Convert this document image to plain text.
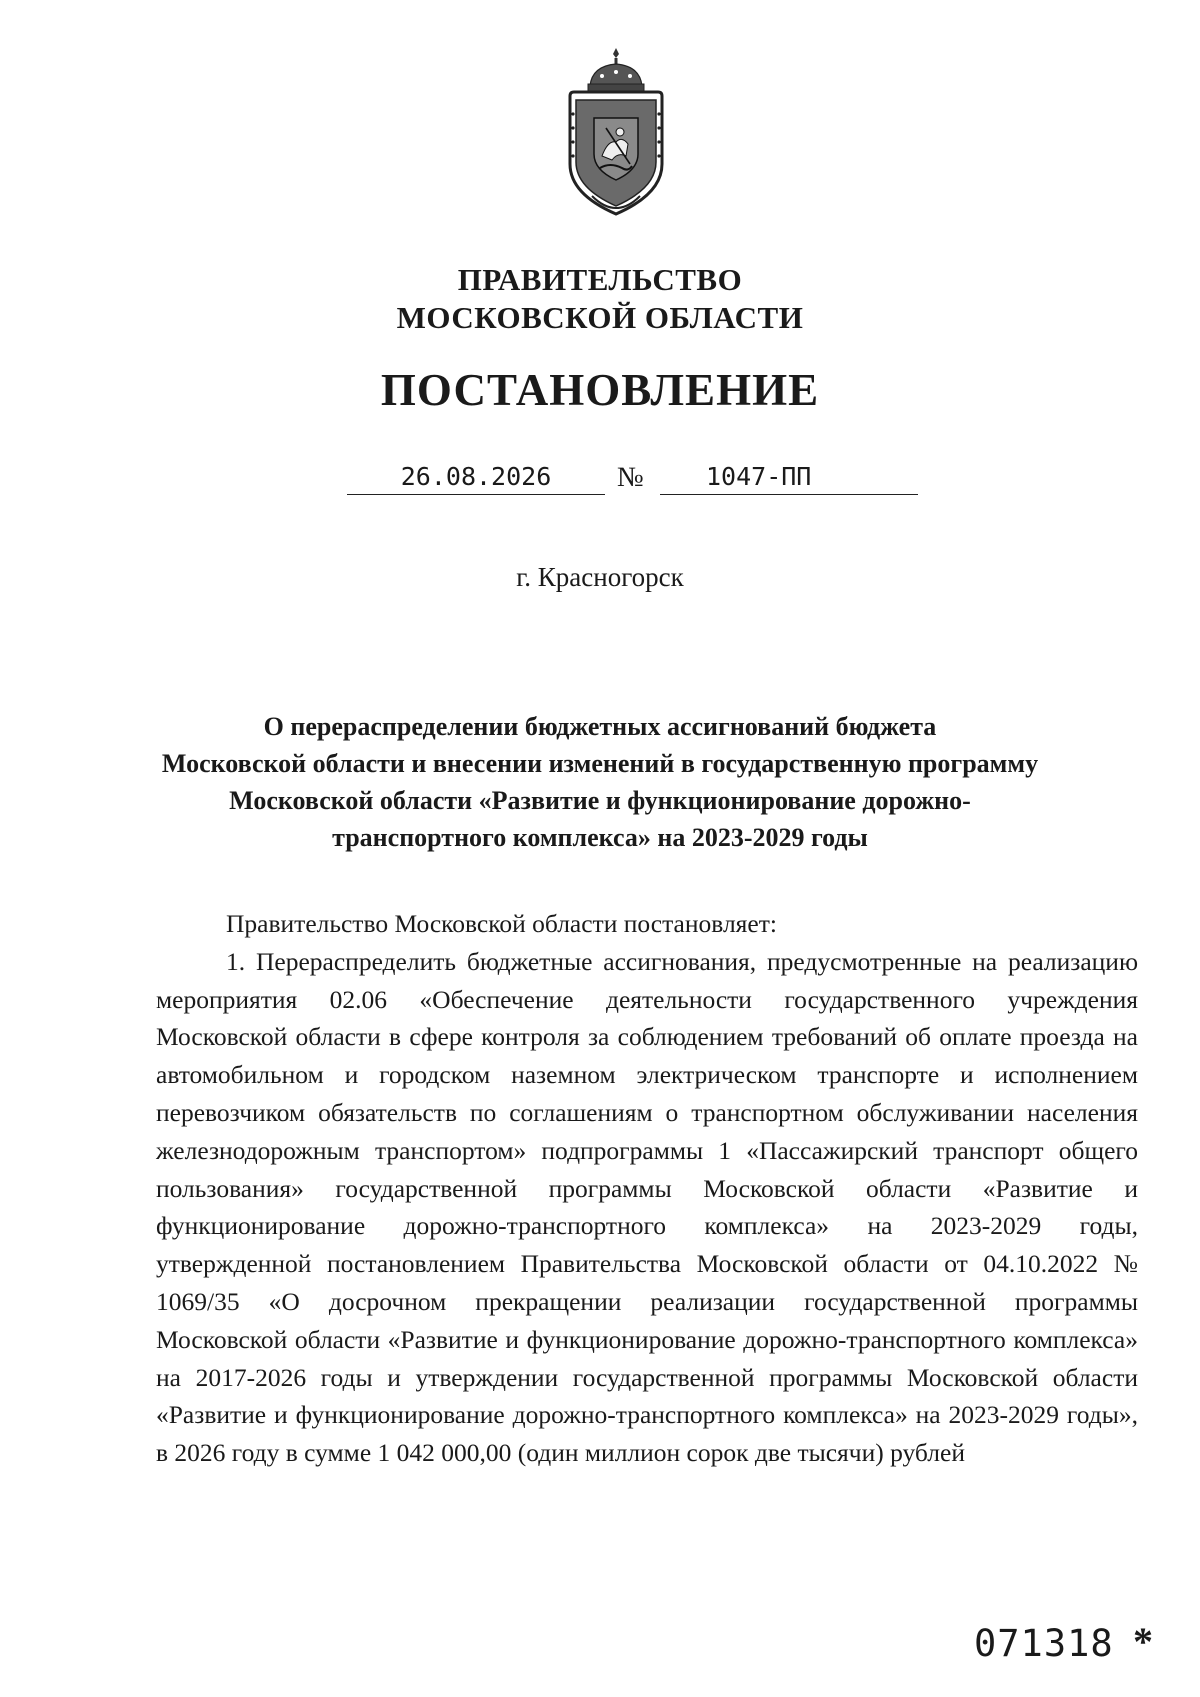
ПРАВИТЕЛЬСТВО
МОСКОВСКОЙ ОБЛАСТИ
ПОСТАНОВЛЕНИЕ
26.08.2026	№	1047-ПП
г. Красногорск
О перераспределении бюджетных ассигнований бюджета
Московской области и внесении изменений в государственную программу
Московской области «Развитие и функционирование дорожно-
транспортного комплекса» на 2023-2029 годы

Правительство Московской области постановляет:

1. Перераспределить бюджетные ассигнования, предусмотренные на реализацию мероприятия 02.06 «Обеспечение деятельности государственного учреждения Московской области в сфере контроля за соблюдением требований об оплате проезда на автомобильном и городском наземном электрическом транспорте и исполнением перевозчиком обязательств по соглашениям о транспортном обслуживании населения железнодорожным транспортом» подпрограммы 1 «Пассажирский транспорт общего пользования» государственной программы Московской области «Развитие и функционирование дорожно-транспортного комплекса» на 2023-2029 годы, утвержденной постановлением Правительства Московской области от 04.10.2022 № 1069/35 «О досрочном прекращении реализации государственной программы Московской области «Развитие и функционирование дорожно-транспортного комплекса» на 2017-2026 годы и утверждении государственной программы Московской области «Развитие и функционирование дорожно-транспортного комплекса» на 2023-2029 годы», в 2026 году в сумме 1 042 000,00 (один миллион сорок две тысячи) рублей

071318 *
